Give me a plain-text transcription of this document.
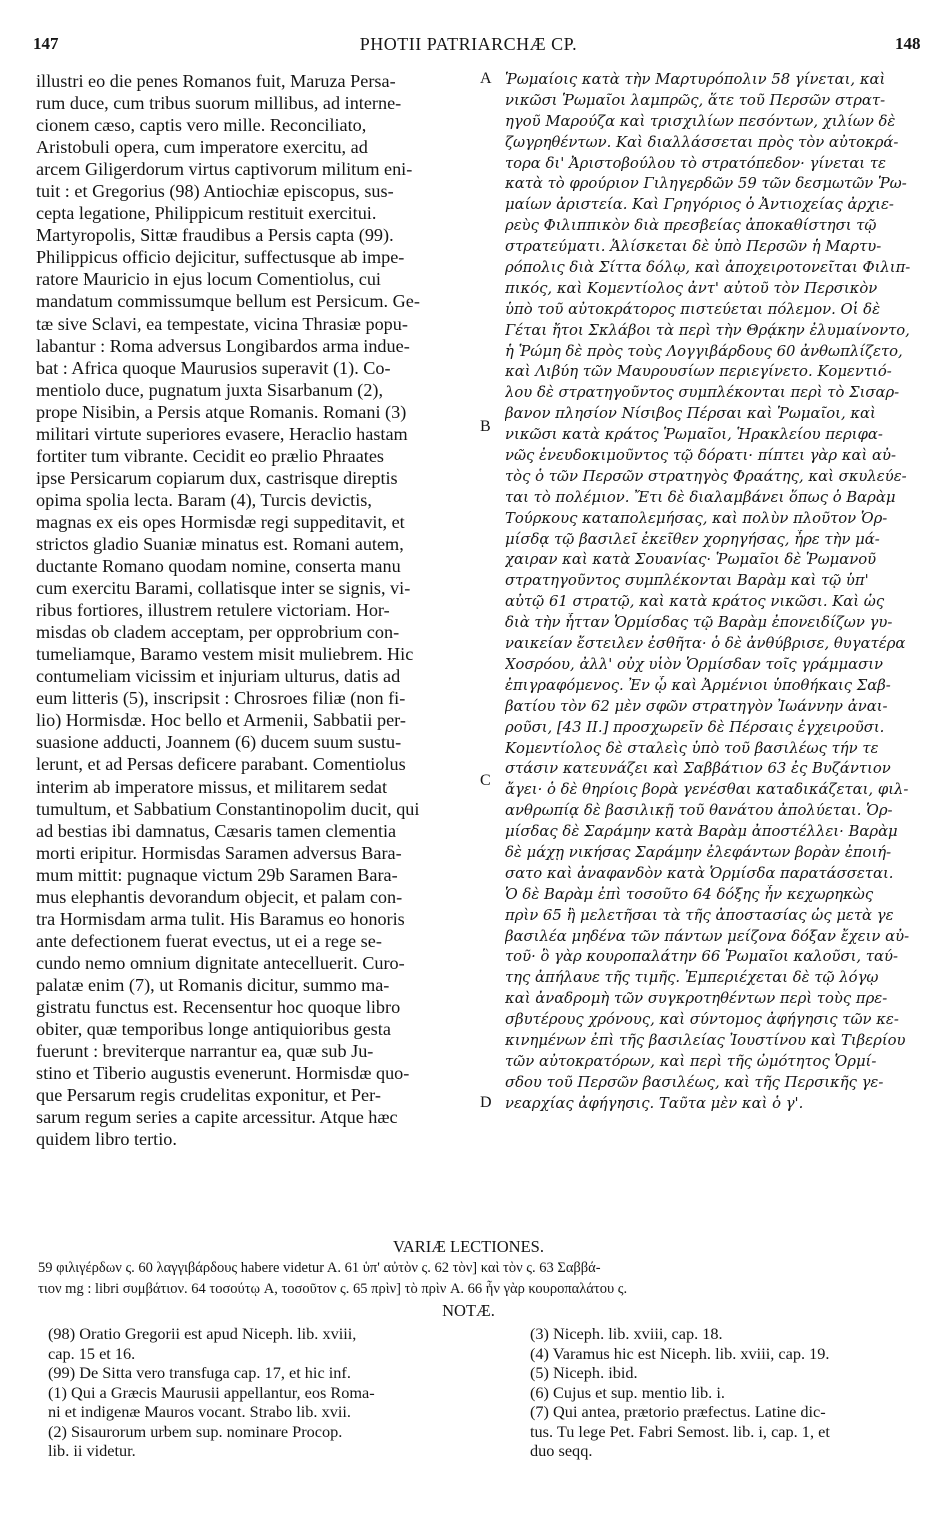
147	PHOTII PATRIARCHÆ CP.	148

illustri eo die penes Romanos fuit, Maruza Persa-

rum duce, cum tribus suorum millibus, ad interne-

cionem cæso, captis vero mille. Reconciliato,

Aristobuli opera, cum imperatore exercitu, ad

arcem Giligerdorum virtus captivorum militum eni-

tuit : et Gregorius (98) Antiochiæ episcopus, sus-

cepta legatione, Philippicum restituit exercitui.

Martyropolis, Sittæ fraudibus a Persis capta (99).

Philippicus officio dejicitur, suffectusque ab impe-

ratore Mauricio in ejus locum Comentiolus, cui

mandatum commissumque bellum est Persicum. Ge-

tæ sive Sclavi, ea tempestate, vicina Thrasiæ popu-

labantur : Roma adversus Longibardos arma indue-

bat : Africa quoque Maurusios superavit (1). Co-

mentiolo duce, pugnatum juxta Sisarbanum (2),

prope Nisibin, a Persis atque Romanis. Romani (3)

militari virtute superiores evasere, Heraclio hastam

fortiter tum vibrante. Cecidit eo prælio Phraates

ipse Persicarum copiarum dux, castrisque direptis

opima spolia lecta. Baram (4), Turcis devictis,

magnas ex eis opes Hormisdæ regi suppeditavit, et

strictos gladio Suaniæ minatus est. Romani autem,

ductante Romano quodam nomine, conserta manu

cum exercitu Barami, collatisque inter se signis, vi-

ribus fortiores, illustrem retulere victoriam. Hor-

misdas ob cladem acceptam, per opprobrium con-

tumeliamque, Baramo vestem misit muliebrem. Hic

contumeliam vicissim et injuriam ulturus, datis ad

eum litteris (5), inscripsit : Chrosroes filiæ (non fi-

lio) Hormisdæ. Hoc bello et Armenii, Sabbatii per-

suasione adducti, Joannem (6) ducem suum sustu-

lerunt, et ad Persas deficere parabant. Comentiolus

interim ab imperatore missus, et militarem sedat

tumultum, et Sabbatium Constantinopolim ducit, qui

ad bestias ibi damnatus, Cæsaris tamen clementia

morti eripitur. Hormisdas Saramen adversus Bara-

mum mittit: pugnaque victum 29b Saramen Bara-

mus elephantis devorandum objecit, et palam con-

tra Hormisdam arma tulit. His Baramus eo honoris

ante defectionem fuerat evectus, ut ei a rege se-

cundo nemo omnium dignitate antecelluerit. Curo-

palatæ enim (7), ut Romanis dicitur, summo ma-

gistratu functus est. Recensentur hoc quoque libro

obiter, quæ temporibus longe antiquioribus gesta

fuerunt : breviterque narrantur ea, quæ sub Ju-

stino et Tiberio augustis evenerunt. Hormisdæ quo-

que Persarum regis crudelitas exponitur, et Per-

sarum regum series a capite arcessitur. Atque hæc

quidem libro tertio.

A
B
C
D

Ῥωμαίοις κατὰ τὴν Μαρτυρόπολιν 58 γίνεται, καὶ

νικῶσι Ῥωμαῖοι λαμπρῶς, ἅτε τοῦ Περσῶν στρατ-

ηγοῦ Μαρούζα καὶ τρισχιλίων πεσόντων, χιλίων δὲ

ζωγρηθέντων. Καὶ διαλλάσσεται πρὸς τὸν αὐτοκρά-

τορα δι' Ἀριστοβούλου τὸ στρατόπεδον· γίνεται τε

κατὰ τὸ φρούριον Γιληγερδῶν 59 τῶν δεσμωτῶν Ῥω-

μαίων ἀριστεία. Καὶ Γρηγόριος ὁ Ἀντιοχείας ἀρχιε-

ρεὺς Φιλιππικὸν διὰ πρεσβείας ἀποκαθίστησι τῷ

στρατεύματι. Ἁλίσκεται δὲ ὑπὸ Περσῶν ἡ Μαρτυ-

ρόπολις διὰ Σίττα δόλῳ, καὶ ἀποχειροτονεῖται Φιλιπ-

πικός, καὶ Κομεντίολος ἀντ' αὐτοῦ τὸν Περσικὸν

ὑπὸ τοῦ αὐτοκράτορος πιστεύεται πόλεμον. Οἱ δὲ

Γέται ἤτοι Σκλάβοι τὰ περὶ τὴν Θρᾴκην ἐλυμαίνοντο,

ἡ Ῥώμη δὲ πρὸς τοὺς Λογγιβάρδους 60 ἀνθωπλίζετο,

καὶ Λιβύη τῶν Μαυρουσίων περιεγίνετο. Κομεντιό-

λου δὲ στρατηγοῦντος συμπλέκονται περὶ τὸ Σισαρ-

βανον πλησίον Νίσιβος Πέρσαι καὶ Ῥωμαῖοι, καὶ

νικῶσι κατὰ κράτος Ῥωμαῖοι, Ἡρακλείου περιφα-

νῶς ἐνευδοκιμοῦντος τῷ δόρατι· πίπτει γὰρ καὶ αὐ-

τὸς ὁ τῶν Περσῶν στρατηγὸς Φραάτης, καὶ σκυλεύε-

ται τὸ πολέμιον. Ἔτι δὲ διαλαμβάνει ὅπως ὁ Βαρὰμ

Τούρκους καταπολεμήσας, καὶ πολὺν πλοῦτον Ὁρ-

μίσδᾳ τῷ βασιλεῖ ἐκεῖθεν χορηγήσας, ἦρε τὴν μά-

χαιραν καὶ κατὰ Σουανίας· Ῥωμαῖοι δὲ Ῥωμανοῦ

στρατηγοῦντος συμπλέκονται Βαρὰμ καὶ τῷ ὑπ'

αὐτῷ 61 στρατῷ, καὶ κατὰ κράτος νικῶσι. Καὶ ὡς

διὰ τὴν ἧτταν Ὁρμίσδας τῷ Βαρὰμ ἐπονειδίζων γυ-

ναικείαν ἔστειλεν ἐσθῆτα· ὁ δὲ ἀνθύβρισε, θυγατέρα

Χοσρόου, ἀλλ' οὐχ υἱὸν Ὁρμίσδαν τοῖς γράμμασιν

ἐπιγραφόμενος. Ἐν ᾧ καὶ Ἀρμένιοι ὑποθήκαις Σαβ-

βατίου τὸν 62 μὲν σφῶν στρατηγὸν Ἰωάννην ἀναι-

ροῦσι, [43 II.] προσχωρεῖν δὲ Πέρσαις ἐγχειροῦσι.

Κομεντίολος δὲ σταλεὶς ὑπὸ τοῦ βασιλέως τήν τε

στάσιν κατευνάζει καὶ Σαββάτιον 63 ἐς Βυζάντιον

ἄγει· ὁ δὲ θηρίοις βορὰ γενέσθαι καταδικάζεται, φιλ-

ανθρωπίᾳ δὲ βασιλικῇ τοῦ θανάτου ἀπολύεται. Ὁρ-

μίσδας δὲ Σαράμην κατὰ Βαρὰμ ἀποστέλλει· Βαρὰμ

δὲ μάχῃ νικήσας Σαράμην ἐλεφάντων βορὰν ἐποιή-

σατο καὶ ἀναφανδὸν κατὰ Ὁρμίσδα παρατάσσεται.

Ὁ δὲ Βαρὰμ ἐπὶ τοσοῦτο 64 δόξης ἦν κεχωρηκὼς

πρὶν 65 ἢ μελετῆσαι τὰ τῆς ἀποστασίας ὡς μετὰ γε

βασιλέα μηδένα τῶν πάντων μείζονα δόξαν ἔχειν αὐ-

τοῦ· ὃ γὰρ κουροπαλάτην 66 Ῥωμαῖοι καλοῦσι, ταύ-

της ἀπήλαυε τῆς τιμῆς. Ἐμπεριέχεται δὲ τῷ λόγῳ

καὶ ἀναδρομὴ τῶν συγκροτηθέντων περὶ τοὺς πρε-

σβυτέρους χρόνους, καὶ σύντομος ἀφήγησις τῶν κε-

κινημένων ἐπὶ τῆς βασιλείας Ἰουστίνου καὶ Τιβερίου

τῶν αὐτοκρατόρων, καὶ περὶ τῆς ὠμότητος Ὁρμί-

σδου τοῦ Περσῶν βασιλέως, καὶ τῆς Περσικῆς γε-

νεαρχίας ἀφήγησις. Ταῦτα μὲν καὶ ὁ γ'.

VARIÆ LECTIONES.

59 φιλιγέρδων ς. 60 λαγγιβάρδους habere videtur A. 61 ὑπ' αὐτὸν ς. 62 τὸν] καὶ τὸν ς. 63 Σαββά-

τιον mg : libri συμβάτιον. 64 τοσούτῳ A, τοσοῦτον ς. 65 πρὶν] τὸ πρὶν A. 66 ἦν γὰρ κουροπαλάτου ς.

NOTÆ.

(98) Oratio Gregorii est apud Niceph. lib. xviii,

cap. 15 et 16.

(99) De Sitta vero transfuga cap. 17, et hic inf.

(1) Qui a Græcis Maurusii appellantur, eos Roma-

ni et indigenæ Mauros vocant. Strabo lib. xvii.

(2) Sisaurorum urbem sup. nominare Procop.

lib. ii videtur.

(3) Niceph. lib. xviii, cap. 18.

(4) Varamus hic est Niceph. lib. xviii, cap. 19.

(5) Niceph. ibid.

(6) Cujus et sup. mentio lib. i.

(7) Qui antea, prætorio præfectus. Latine dic-

tus. Tu lege Pet. Fabri Semost. lib. i, cap. 1, et

duo seqq.
